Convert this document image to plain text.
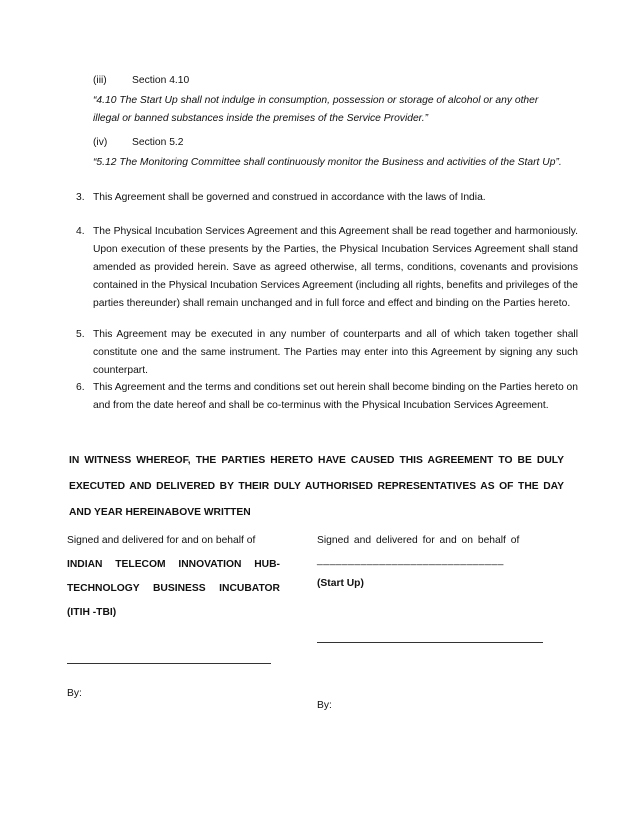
(iii) Section 4.10

“4.10 The Start Up shall not indulge in consumption, possession or storage of alcohol or any other illegal or banned substances inside the premises of the Service Provider.”

(iv) Section 5.2

“5.12 The Monitoring Committee shall continuously monitor the Business and activities of the Start Up”.

3. This Agreement shall be governed and construed in accordance with the laws of India.
4. The Physical Incubation Services Agreement and this Agreement shall be read together and harmoniously. Upon execution of these presents by the Parties, the Physical Incubation Services Agreement shall stand amended as provided herein. Save as agreed otherwise, all terms, conditions, covenants and provisions contained in the Physical Incubation Services Agreement (including all rights, benefits and privileges of the parties thereunder) shall remain unchanged and in full force and effect and binding on the Parties hereto.
5. This Agreement may be executed in any number of counterparts and all of which taken together shall constitute one and the same instrument. The Parties may enter into this Agreement by signing any such counterpart.
6. This Agreement and the terms and conditions set out herein shall become binding on the Parties hereto on and from the date hereof and shall be co-terminus with the Physical Incubation Services Agreement.

IN WITNESS WHEREOF, THE PARTIES HERETO HAVE CAUSED THIS AGREEMENT TO BE DULY EXECUTED AND DELIVERED BY THEIR DULY AUTHORISED REPRESENTATIVES AS OF THE DAY AND YEAR HEREINABOVE WRITTEN

Signed and delivered for and on behalf of

INDIAN TELECOM INNOVATION HUB-TECHNOLOGY BUSINESS INCUBATOR (ITIH -TBI)

By:

Signed and delivered for and on behalf of

______________________________

(Start Up)

By:
